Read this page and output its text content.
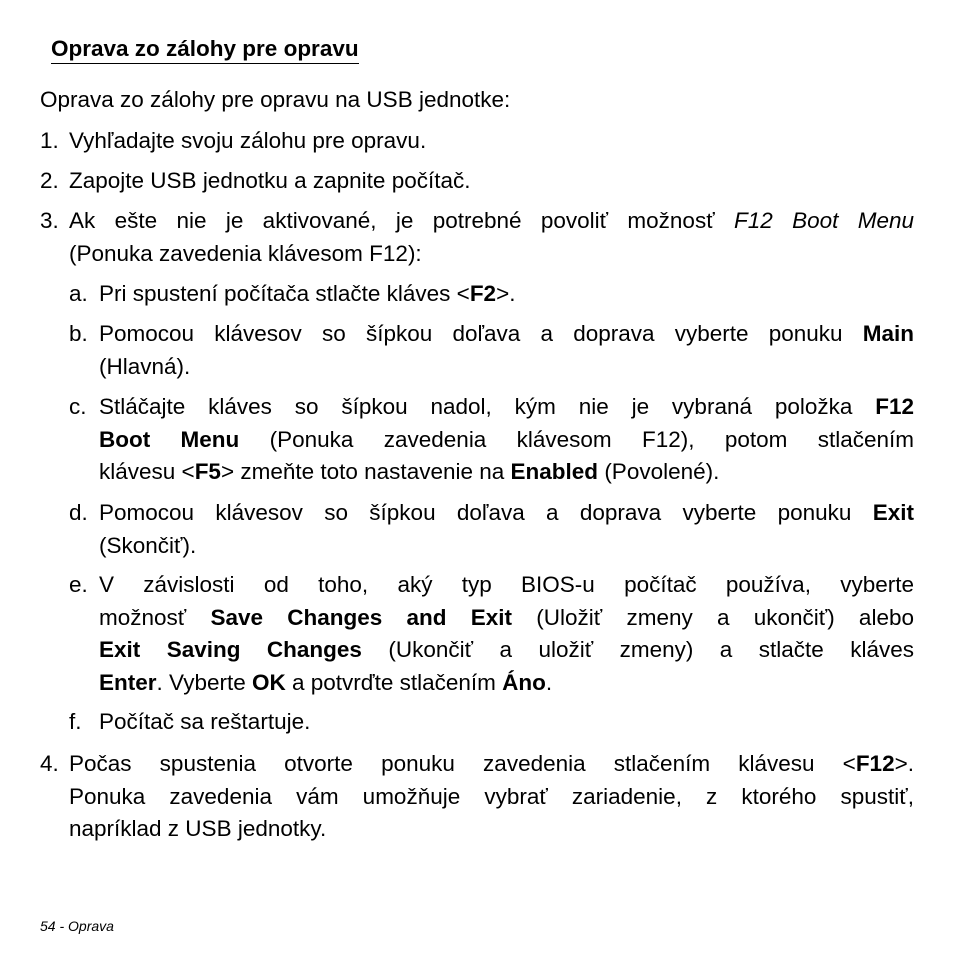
Oprava zo zálohy pre opravu
Oprava zo zálohy pre opravu na USB jednotke:
1. Vyhľadajte svoju zálohu pre opravu.
2. Zapojte USB jednotku a zapnite počítač.
3. Ak ešte nie je aktivované, je potrebné povoliť možnosť F12 Boot Menu
(Ponuka zavedenia klávesom F12):
a. Pri spustení počítača stlačte kláves <F2>.
b. Pomocou klávesov so šípkou doľava a doprava vyberte ponuku Main
(Hlavná).
c. Stláčajte kláves so šípkou nadol, kým nie je vybraná položka F12
Boot Menu (Ponuka zavedenia klávesom F12), potom stlačením
klávesu <F5> zmeňte toto nastavenie na Enabled (Povolené).
d. Pomocou klávesov so šípkou doľava a doprava vyberte ponuku Exit
(Skončiť).
e. V závislosti od toho, aký typ BIOS-u počítač používa, vyberte
možnosť Save Changes and Exit (Uložiť zmeny a ukončiť) alebo
Exit Saving Changes (Ukončiť a uložiť zmeny) a stlačte kláves
Enter. Vyberte OK a potvrďte stlačením Áno.
f. Počítač sa reštartuje.
4. Počas spustenia otvorte ponuku zavedenia stlačením klávesu <F12>.
Ponuka zavedenia vám umožňuje vybrať zariadenie, z ktorého spustiť,
napríklad z USB jednotky.
54 - Oprava
